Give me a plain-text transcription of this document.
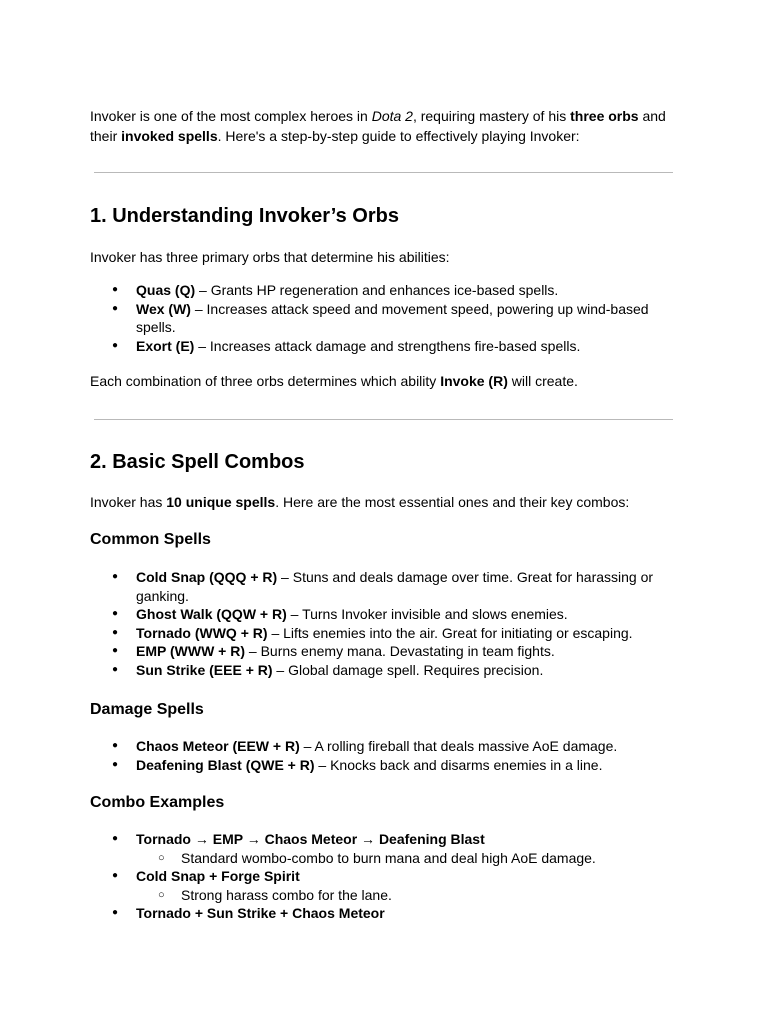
Invoker is one of the most complex heroes in Dota 2, requiring mastery of his three orbs and their invoked spells. Here's a step-by-step guide to effectively playing Invoker:

1. Understanding Invoker’s Orbs

Invoker has three primary orbs that determine his abilities:

● Quas (Q) – Grants HP regeneration and enhances ice-based spells.
● Wex (W) – Increases attack speed and movement speed, powering up wind-based spells.
● Exort (E) – Increases attack damage and strengthens fire-based spells.

Each combination of three orbs determines which ability Invoke (R) will create.

2. Basic Spell Combos

Invoker has 10 unique spells. Here are the most essential ones and their key combos:

Common Spells
● Cold Snap (QQQ + R) – Stuns and deals damage over time. Great for harassing or ganking.
● Ghost Walk (QQW + R) – Turns Invoker invisible and slows enemies.
● Tornado (WWQ + R) – Lifts enemies into the air. Great for initiating or escaping.
● EMP (WWW + R) – Burns enemy mana. Devastating in team fights.
● Sun Strike (EEE + R) – Global damage spell. Requires precision.
Damage Spells
● Chaos Meteor (EEW + R) – A rolling fireball that deals massive AoE damage.
● Deafening Blast (QWE + R) – Knocks back and disarms enemies in a line.
Combo Examples
● Tornado → EMP → Chaos Meteor → Deafening Blast
○ Standard wombo-combo to burn mana and deal high AoE damage.
● Cold Snap + Forge Spirit
○ Strong harass combo for the lane.
● Tornado + Sun Strike + Chaos Meteor
